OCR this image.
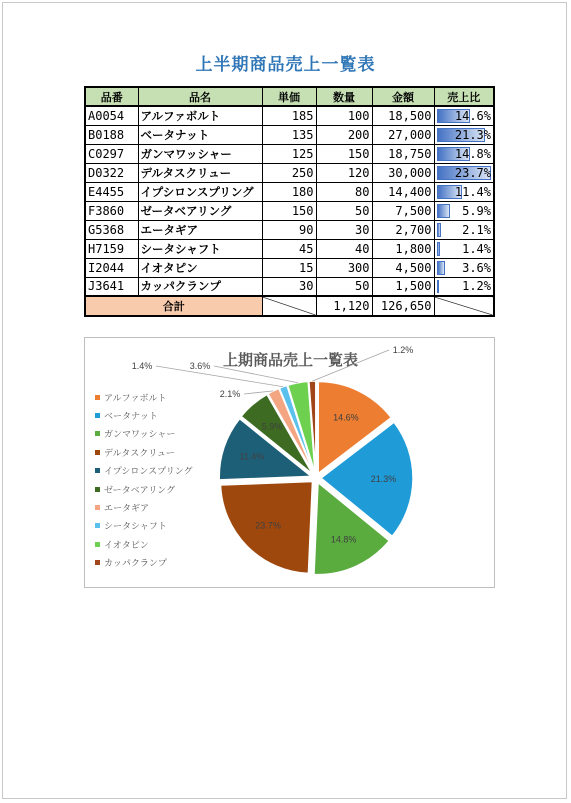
上半期商品売上一覧表
品番	品名	単価	数量	金額	売上比
A0054	アルファボルト	185	100	18,500	14.6%
B0188	ベータナット	135	200	27,000	21.3%
C0297	ガンマワッシャー	125	150	18,750	14.8%
D0322	デルタスクリュー	250	120	30,000	23.7%
E4455	イプシロンスプリング	180	80	14,400	11.4%
F3860	ゼータベアリング	150	50	7,500	5.9%
G5368	エータギア	90	30	2,700	2.1%
H7159	シータシャフト	45	40	1,800	1.4%
I2044	イオタピン	15	300	4,500	3.6%
J3641	カッパクランプ	30	50	1,500	1.2%
合計			1,120	126,650	
上期商品売上一覧表
アルファボルト
ベータナット
ガンマワッシャー
デルタスクリュー
イプシロンスプリング
ゼータベアリング
エータギア
シータシャフト
イオタピン
カッパクランプ
14.6%
21.3%
14.8%
23.7%
11.4%
5.9%
2.1%
1.4%	3.6%
1.2%
